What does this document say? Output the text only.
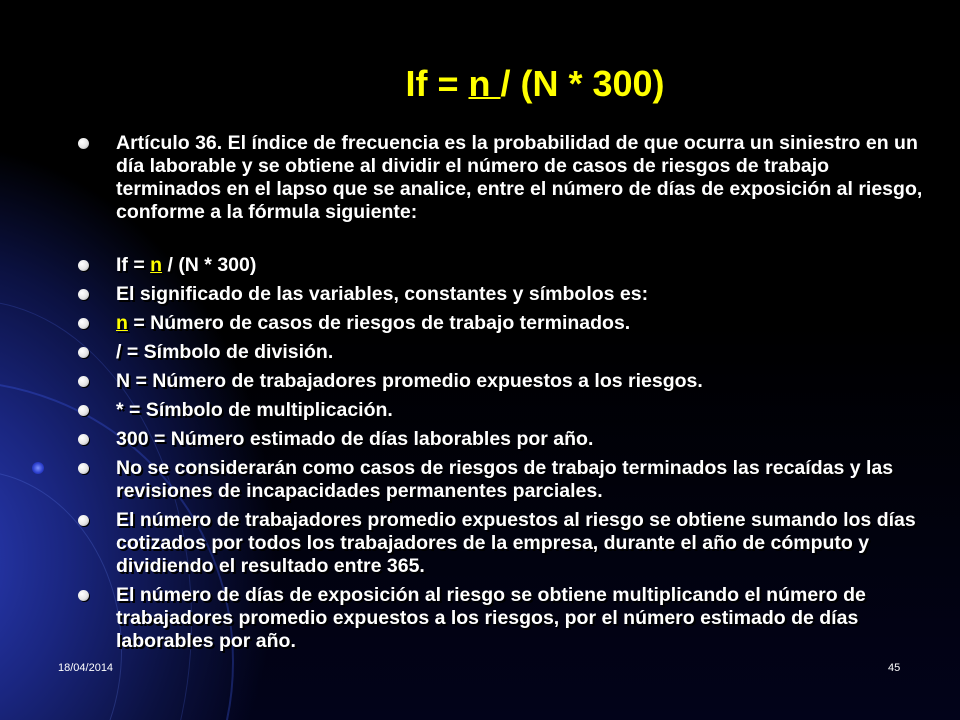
If = n / (N * 300)
Artículo 36. El índice de frecuencia es la probabilidad de que ocurra un siniestro en un día laborable y se obtiene al dividir el número de casos de riesgos de trabajo terminados en el lapso que se analice, entre el número de días de exposición al riesgo, conforme a la fórmula siguiente:
If = n / (N * 300)
El significado de las variables, constantes y símbolos es:
n = Número de casos de riesgos de trabajo terminados.
/ = Símbolo de división.
N = Número de trabajadores promedio expuestos a los riesgos.
* = Símbolo de multiplicación.
300 = Número estimado de días laborables por año.
No se considerarán como casos de riesgos de trabajo terminados las recaídas y las revisiones de incapacidades permanentes parciales.
El número de trabajadores promedio expuestos al riesgo se obtiene sumando los días cotizados por todos los trabajadores de la empresa, durante el año de cómputo y dividiendo el resultado entre 365.
El número de días de exposición al riesgo se obtiene multiplicando el número de trabajadores promedio expuestos a los riesgos, por el número estimado de días laborables por año.
18/04/2014	45
